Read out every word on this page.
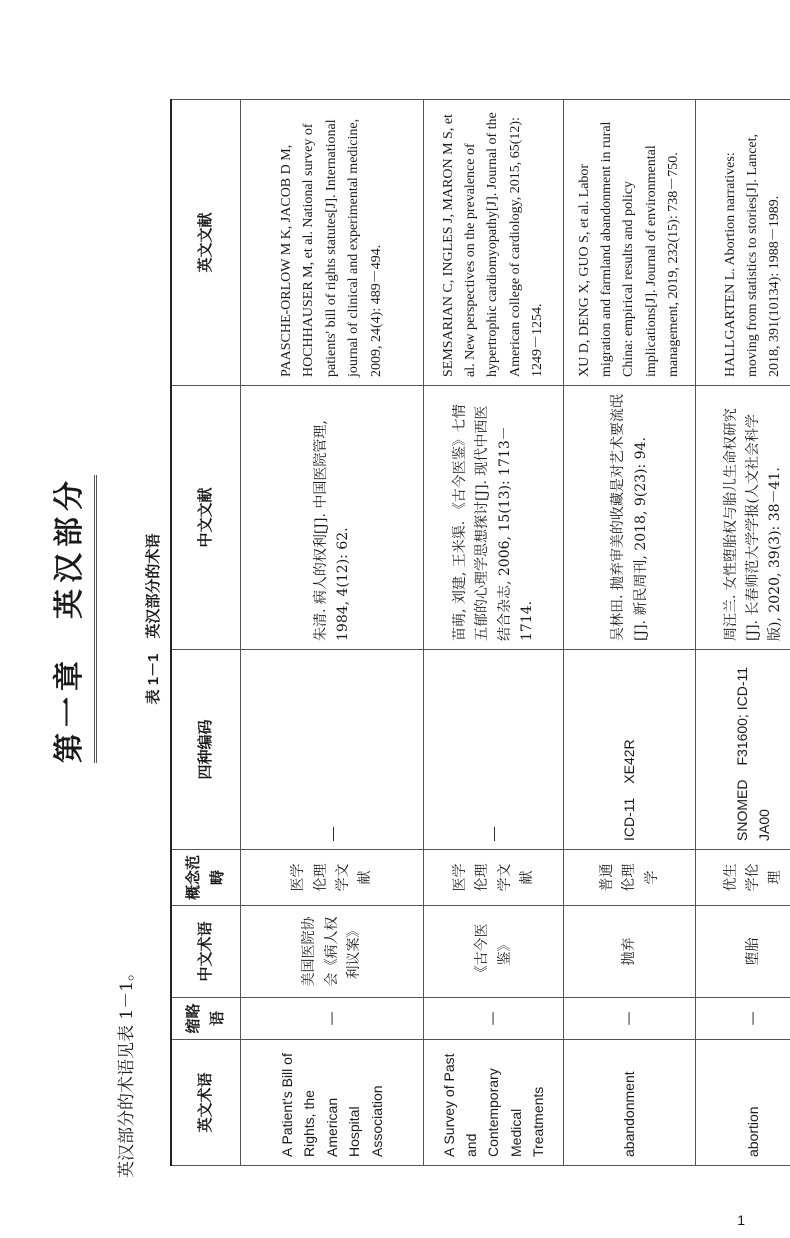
第一章　英汉部分
英汉部分的术语见表 1－1。
表 1－1　英汉部分的术语
英文术语	缩略语	中文术语	概念范畴	四种编码	中文文献	英文文献
A Patient's Bill of Rights, the American Hospital Association	—	美国医院协会《病人权利议案》	医学伦理学文献	—	朱清. 病人的权利[J]. 中国医院管理, 1984, 4(12): 62.	PAASCHE-ORLOW M K, JACOB D M, HOCHHAUSER M, et al. National survey of patients' bill of rights statutes[J]. International journal of clinical and experimental medicine, 2009, 24(4): 489－494.
A Survey of Past and Contemporary Medical Treatments	—	《古今医鉴》	医学伦理学文献	—	苗萌, 刘建, 王米渠. 《古今医鉴》七情五郁的心理学思想探讨[J]. 现代中西医结合杂志, 2006, 15(13): 1713－1714.	SEMSARIAN C, INGLES J, MARON M S, et al. New perspectives on the prevalence of hypertrophic cardiomyopathy[J]. Journal of the American college of cardiology, 2015, 65(12): 1249－1254.
abandonment	—	抛弃	普通伦理学	ICD-11　XE42R	吴林田. 抛弃审美的收藏是对艺术要流氓[J]. 新民周刊, 2018, 9(23): 94.	XU D, DENG X, GUO S, et al. Labor migration and farmland abandonment in rural China: empirical results and policy implications[J]. Journal of environmental management, 2019, 232(15): 738－750.
abortion	—	堕胎	优生学伦理	SNOMED　F31600; ICD-11　JA00	周汪兰. 女性堕胎权与胎儿生命权研究[J]. 长春师范大学学报(人文社会科学版), 2020, 39(3): 38－41.	HALLGARTEN L. Abortion narratives: moving from statistics to stories[J]. Lancet, 2018, 391(10134): 1988－1989.
1
